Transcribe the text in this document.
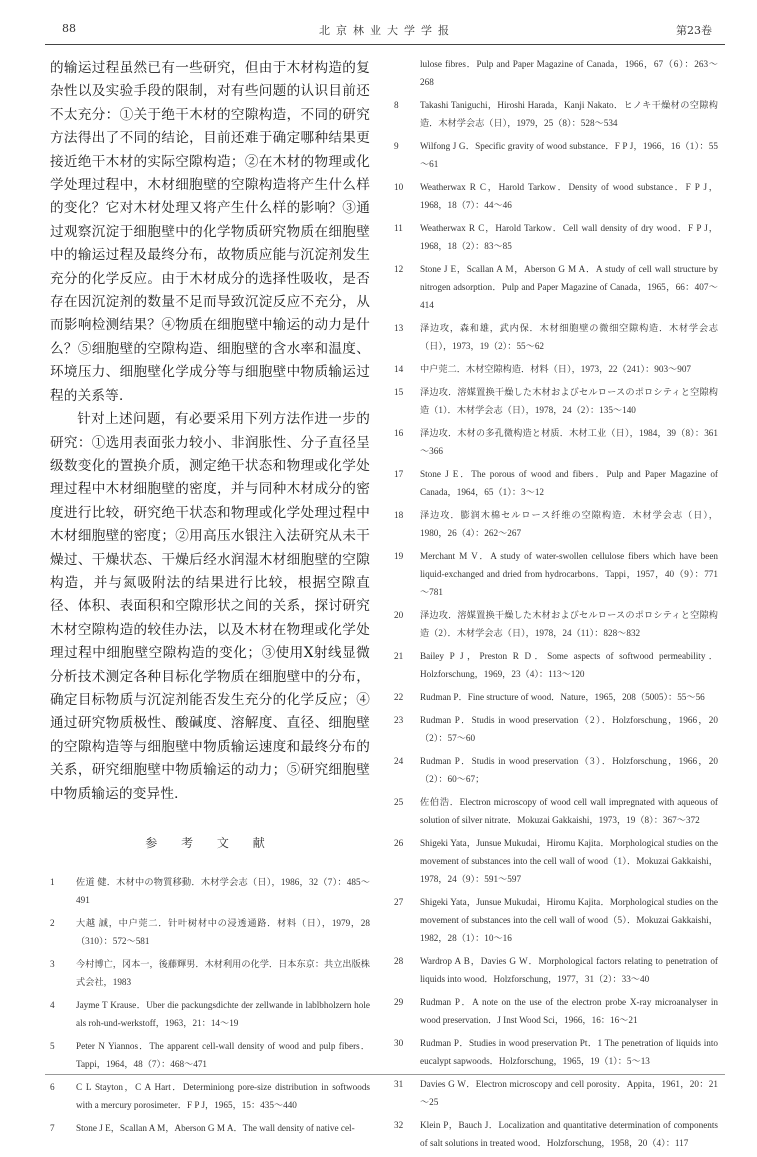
88	北京林业大学学报	第23卷

的输运过程虽然已有一些研究，但由于木材构造的复杂性以及实验手段的限制，对有些问题的认识目前还不太充分：①关于绝干木材的空隙构造，不同的研究方法得出了不同的结论，目前还难于确定哪种结果更接近绝干木材的实际空隙构造；②在木材的物理或化学处理过程中，木材细胞壁的空隙构造将产生什么样的变化？它对木材处理又将产生什么样的影响？③通过观察沉淀于细胞壁中的化学物质研究物质在细胞壁中的输运过程及最终分布，故物质应能与沉淀剂发生充分的化学反应。由于木材成分的选择性吸收，是否存在因沉淀剂的数量不足而导致沉淀反应不充分，从而影响检测结果？④物质在细胞壁中输运的动力是什么？⑤细胞壁的空隙构造、细胞壁的含水率和温度、环境压力、细胞壁化学成分等与细胞壁中物质输运过程的关系等．

针对上述问题，有必要采用下列方法作进一步的研究：①选用表面张力较小、非润胀性、分子直径呈级数变化的置换介质，测定绝干状态和物理或化学处理过程中木材细胞壁的密度，并与同种木材成分的密度进行比较，研究绝干状态和物理或化学处理过程中木材细胞壁的密度；②用高压水银注入法研究从未干燥过、干燥状态、干燥后经水润湿木材细胞壁的空隙构造，并与氮吸附法的结果进行比较，根据空隙直径、体积、表面积和空隙形状之间的关系，探讨研究木材空隙构造的较佳办法，以及木材在物理或化学处理过程中细胞壁空隙构造的变化；③使用X射线显微分析技术测定各种目标化学物质在细胞壁中的分布，确定目标物质与沉淀剂能否发生充分的化学反应；④通过研究物质极性、酸碱度、溶解度、直径、细胞壁的空隙构造等与细胞壁中物质输运速度和最终分布的关系，研究细胞壁中物质输运的动力；⑤研究细胞壁中物质输运的变异性．

参 考 文 献
1	佐道 健．木材中の物質移動．木材学会志（日），1986，32（7）：485～491
2	大越 誠，中户莞二．针叶树材中の浸透通路．材料（日），1979，28（310）：572～581
3	今村博亡，冈本一，後藤輝男．木材利用の化学．日本东京：共立出版株式会社，1983
4	Jayme T Krause．Uber die packungsdichte der zellwande in lablbholzern hole als roh-und-werkstoff，1963，21：14～19
5	Peter N Yiannos．The apparent cell-wall density of wood and pulp fibers．Tappi，1964，48（7）：468～471
6	C L Stayton，C A Hart．Determiniong pore-size distribution in softwoods with a mercury porosimeter．F P J，1965，15：435～440
7	Stone J E，Scallan A M，Aberson G M A．The wall density of native cel-
lulose fibres．Pulp and Paper Magazine of Canada，1966，67（6）：263～268
8	Takashi Taniguchi，Hiroshi Harada，Kanji Nakato．ヒノキ干燥材の空隙构造．木材学会志（日），1979，25（8）：528～534
9	Wilfong J G．Specific gravity of wood substance．F P J，1966，16（1）：55～61
10	Weatherwax R C，Harold Tarkow．Density of wood substance．F P J，1968，18（7）：44～46
11	Weatherwax R C，Harold Tarkow．Cell wall density of dry wood．F P J，1968，18（2）：83～85
12	Stone J E，Scallan A M，Aberson G M A．A study of cell wall structure by nitrogen adsorption．Pulp and Paper Magazine of Canada，1965，66：407～414
13	泽边攻，森和雄，武内保．木材细胞壁の微细空隙构造．木材学会志（日），1973，19（2）：55～62
14	中户莞二．木材空隙构造．材料（日），1973，22（241）：903～907
15	泽边攻．溶媒置换干燥した木材およびセルロースのポロシティと空隙构造（1）．木材学会志（日），1978，24（2）：135～140
16	泽边攻．木材の多孔微构造と材质．木材工业（日），1984，39（8）：361～366
17	Stone J E．The porous of wood and fibers．Pulp and Paper Magazine of Canada，1964，65（1）：3～12
18	泽边攻．膨润木棉セルロース纤维の空隙构造．木材学会志（日），1980，26（4）：262～267
19	Merchant M V．A study of water-swollen cellulose fibers which have been liquid-exchanged and dried from hydrocarbons．Tappi，1957，40（9）：771～781
20	泽边攻．溶媒置换干燥した木材およびセルロースのポロシティと空隙构造（2）．木材学会志（日），1978，24（11）：828～832
21	Bailey P J，Preston R D．Some aspects of softwood permeability．Holzforschung，1969，23（4）：113～120
22	Rudman P．Fine structure of wood．Nature，1965，208（5005）：55～56
23	Rudman P．Studis in wood preservation（2）．Holzforschung，1966，20（2）：57～60
24	Rudman P．Studis in wood preservation（3）．Holzforschung，1966，20（2）：60～67；
25	佐伯浩．Electron microscopy of wood cell wall impregnated with aqueous of solution of silver nitrate．Mokuzai Gakkaishi，1973，19（8）：367～372
26	Shigeki Yata，Junsue Mukudai，Hiromu Kajita．Morphological studies on the movement of substances into the cell wall of wood（1）．Mokuzai Gakkaishi，1978，24（9）：591～597
27	Shigeki Yata，Junsue Mukudai，Hiromu Kajita．Morphological studies on the movement of substances into the cell wall of wood（5）．Mokuzai Gakkaishi，1982，28（1）：10～16
28	Wardrop A B，Davies G W．Morphological factors relating to penetration of liquids into wood．Holzforschung，1977，31（2）：33～40
29	Rudman P．A note on the use of the electron probe X-ray microanalyser in wood preservation．J Inst Wood Sci，1966，16：16～21
30	Rudman P．Studies in wood preservation Pt．1 The penetration of liquids into eucalypt sapwoods．Holzforschung，1965，19（1）：5～13
31	Davies G W．Electron microscopy and cell porosity．Appita，1961，20：21～25
32	Klein P，Bauch J．Localization and quantitative determination of components of salt solutions in treated wood．Holzforschung，1958，20（4）：117
